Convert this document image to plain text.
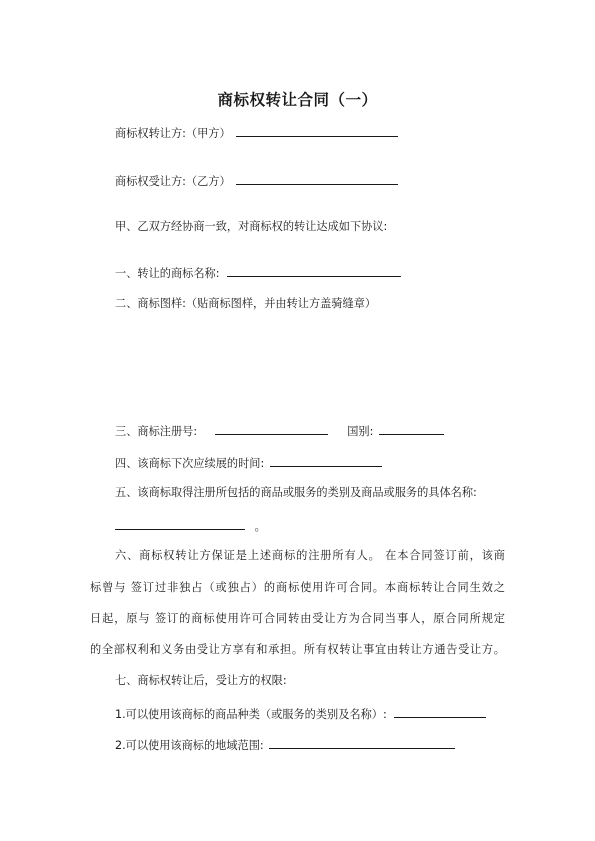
商标权转让合同（一）
商标权转让方:（甲方）
商标权受让方:（乙方）
甲、乙双方经协商一致，对商标权的转让达成如下协议:
一、转让的商标名称:
二、商标图样:（贴商标图样，并由转让方盖骑缝章）
三、商标注册号:	国别:
四、该商标下次应续展的时间:
五、该商标取得注册所包括的商品或服务的类别及商品或服务的具体名称:
。
六、商标权转让方保证是上述商标的注册所有人。 在本合同签订前，该商
标曾与 签订过非独占（或独占）的商标使用许可合同。本商标转让合同生效之
日起，原与 签订的商标使用许可合同转由受让方为合同当事人，原合同所规定
的全部权利和义务由受让方享有和承担。所有权转让事宜由转让方通告受让方。
七、商标权转让后，受让方的权限:
1.可以使用该商标的商品种类（或服务的类别及名称）:
2.可以使用该商标的地域范围:
